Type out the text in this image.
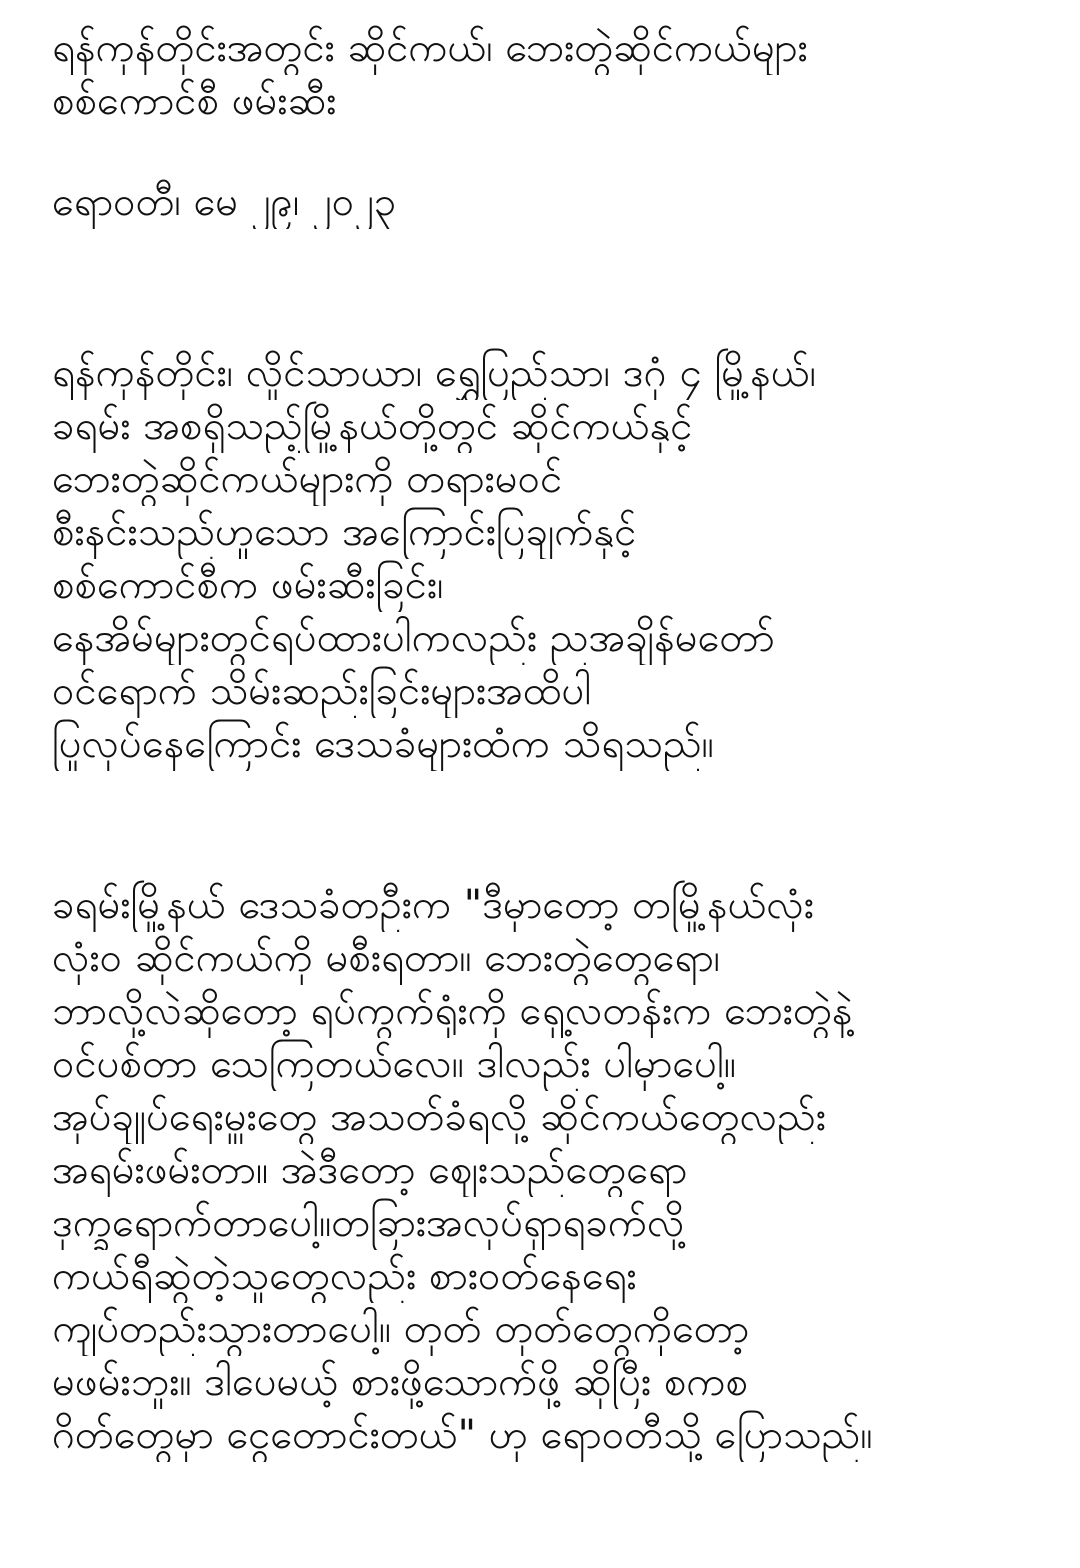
ရန်ကုန်တိုင်းအတွင်း ဆိုင်ကယ်၊ ဘေးတွဲဆိုင်ကယ်များ
စစ်ကောင်စီ ဖမ်းဆီး
ရောဝတီ၊ မေ ၂၉၊ ၂၀၂၃
ရန်ကုန်တိုင်း၊ လှိုင်သာယာ၊ ရွှေပြည်သာ၊ ဒဂုံ ၄ မြို့နယ်၊
ခရမ်း အစရှိသည့်မြို့နယ်တို့တွင် ဆိုင်ကယ်နှင့်
ဘေးတွဲဆိုင်ကယ်များကို တရားမဝင်
စီးနင်းသည်ဟူသော အကြောင်းပြချက်နှင့်
စစ်ကောင်စီက ဖမ်းဆီးခြင်း၊
နေအိမ်များတွင်ရပ်ထားပါကလည်း ညအချိန်မတော်
ဝင်ရောက် သိမ်းဆည်းခြင်းများအထိပါ
ပြုလုပ်နေကြောင်း ဒေသခံများထံက သိရသည်။
ခရမ်းမြို့နယ် ဒေသခံတဦးက "ဒီမှာတော့ တမြို့နယ်လုံး
လုံးဝ ဆိုင်ကယ်ကို မစီးရတာ။ ဘေးတွဲတွေရော၊
ဘာလို့လဲဆိုတော့ ရပ်ကွက်ရုံးကို ရှေ့လတန်းက ဘေးတွဲနဲ့
ဝင်ပစ်တာ သေကြတယ်လေ။ ဒါလည်း ပါမှာပေါ့။
အုပ်ချုပ်ရေးမှူးတွေ အသတ်ခံရလို့ ဆိုင်ကယ်တွေလည်း
အရမ်းဖမ်းတာ။ အဲဒီတော့ ဈေးသည်တွေရော
ဒုက္ခရောက်တာပေါ့။တခြားအလုပ်ရှာရခက်လို့
ကယ်ရီဆွဲတဲ့သူတွေလည်း စားဝတ်နေရေး
ကျပ်တည်းသွားတာပေါ့။ တုတ် တုတ်တွေကိုတော့
မဖမ်းဘူး။ ဒါပေမယ့် စားဖို့သောက်ဖို့ ဆိုပြီး စကစ
ဂိတ်တွေမှာ ငွေတောင်းတယ်" ဟု ရောဝတီသို့ ပြောသည်။
